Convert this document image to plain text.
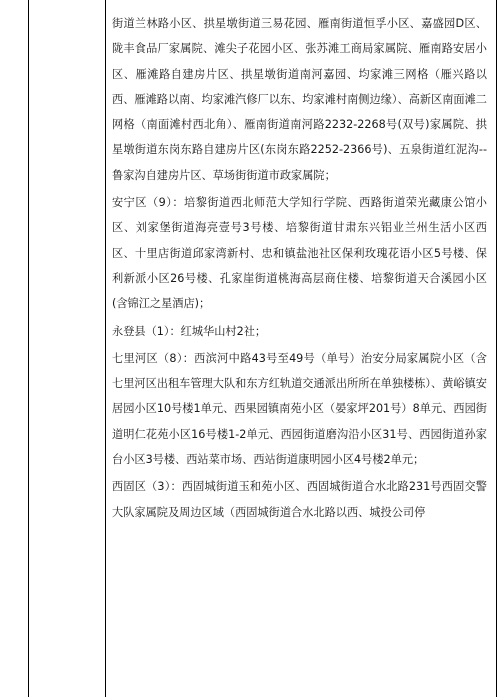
街道兰林路小区、拱星墩街道三易花园、雁南街道恒孚小区、嘉盛园D区、陇丰食品厂家属院、滩尖子花园小区、张苏滩工商局家属院、雁南路安居小区、雁滩路自建房片区、拱星墩街道南河嘉园、均家滩三网格（雁兴路以西、雁滩路以南、均家滩汽修厂以东、均家滩村南侧边缘）、高新区南面滩二网格（南面滩村西北角）、雁南街道南河路2232-2268号(双号)家属院、拱星墩街道东岗东路自建房片区(东岗东路2252-2366号)、五泉街道红泥沟--鲁家沟自建房片区、草场街街道市政家属院；

安宁区（9）：培黎街道西北师范大学知行学院、西路街道荣光藏康公馆小区、刘家堡街道海亮壹号3号楼、培黎街道甘肃东兴铝业兰州生活小区西区、十里店街道邱家湾新村、忠和镇盐池社区保利玫瑰花语小区5号楼、保利新派小区26号楼、孔家崖街道桃海高层商住楼、培黎街道天合溪园小区(含锦江之星酒店)；

永登县（1）：红城华山村2社；

七里河区（8）：西滨河中路43号至49号（单号）治安分局家属院小区（含七里河区出租车管理大队和东方红轨道交通派出所所在单独楼栋）、黄峪镇安居园小区10号楼1单元、西果园镇南苑小区（晏家坪201号）8单元、西园街道明仁花苑小区16号楼1-2单元、西园街道磨沟沿小区31号、西园街道孙家台小区3号楼、西站菜市场、西站街道康明园小区4号楼2单元；

西固区（3）：西固城街道玉和苑小区、西固城街道合水北路231号西固交警大队家属院及周边区域（西固城街道合水北路以西、城投公司停
